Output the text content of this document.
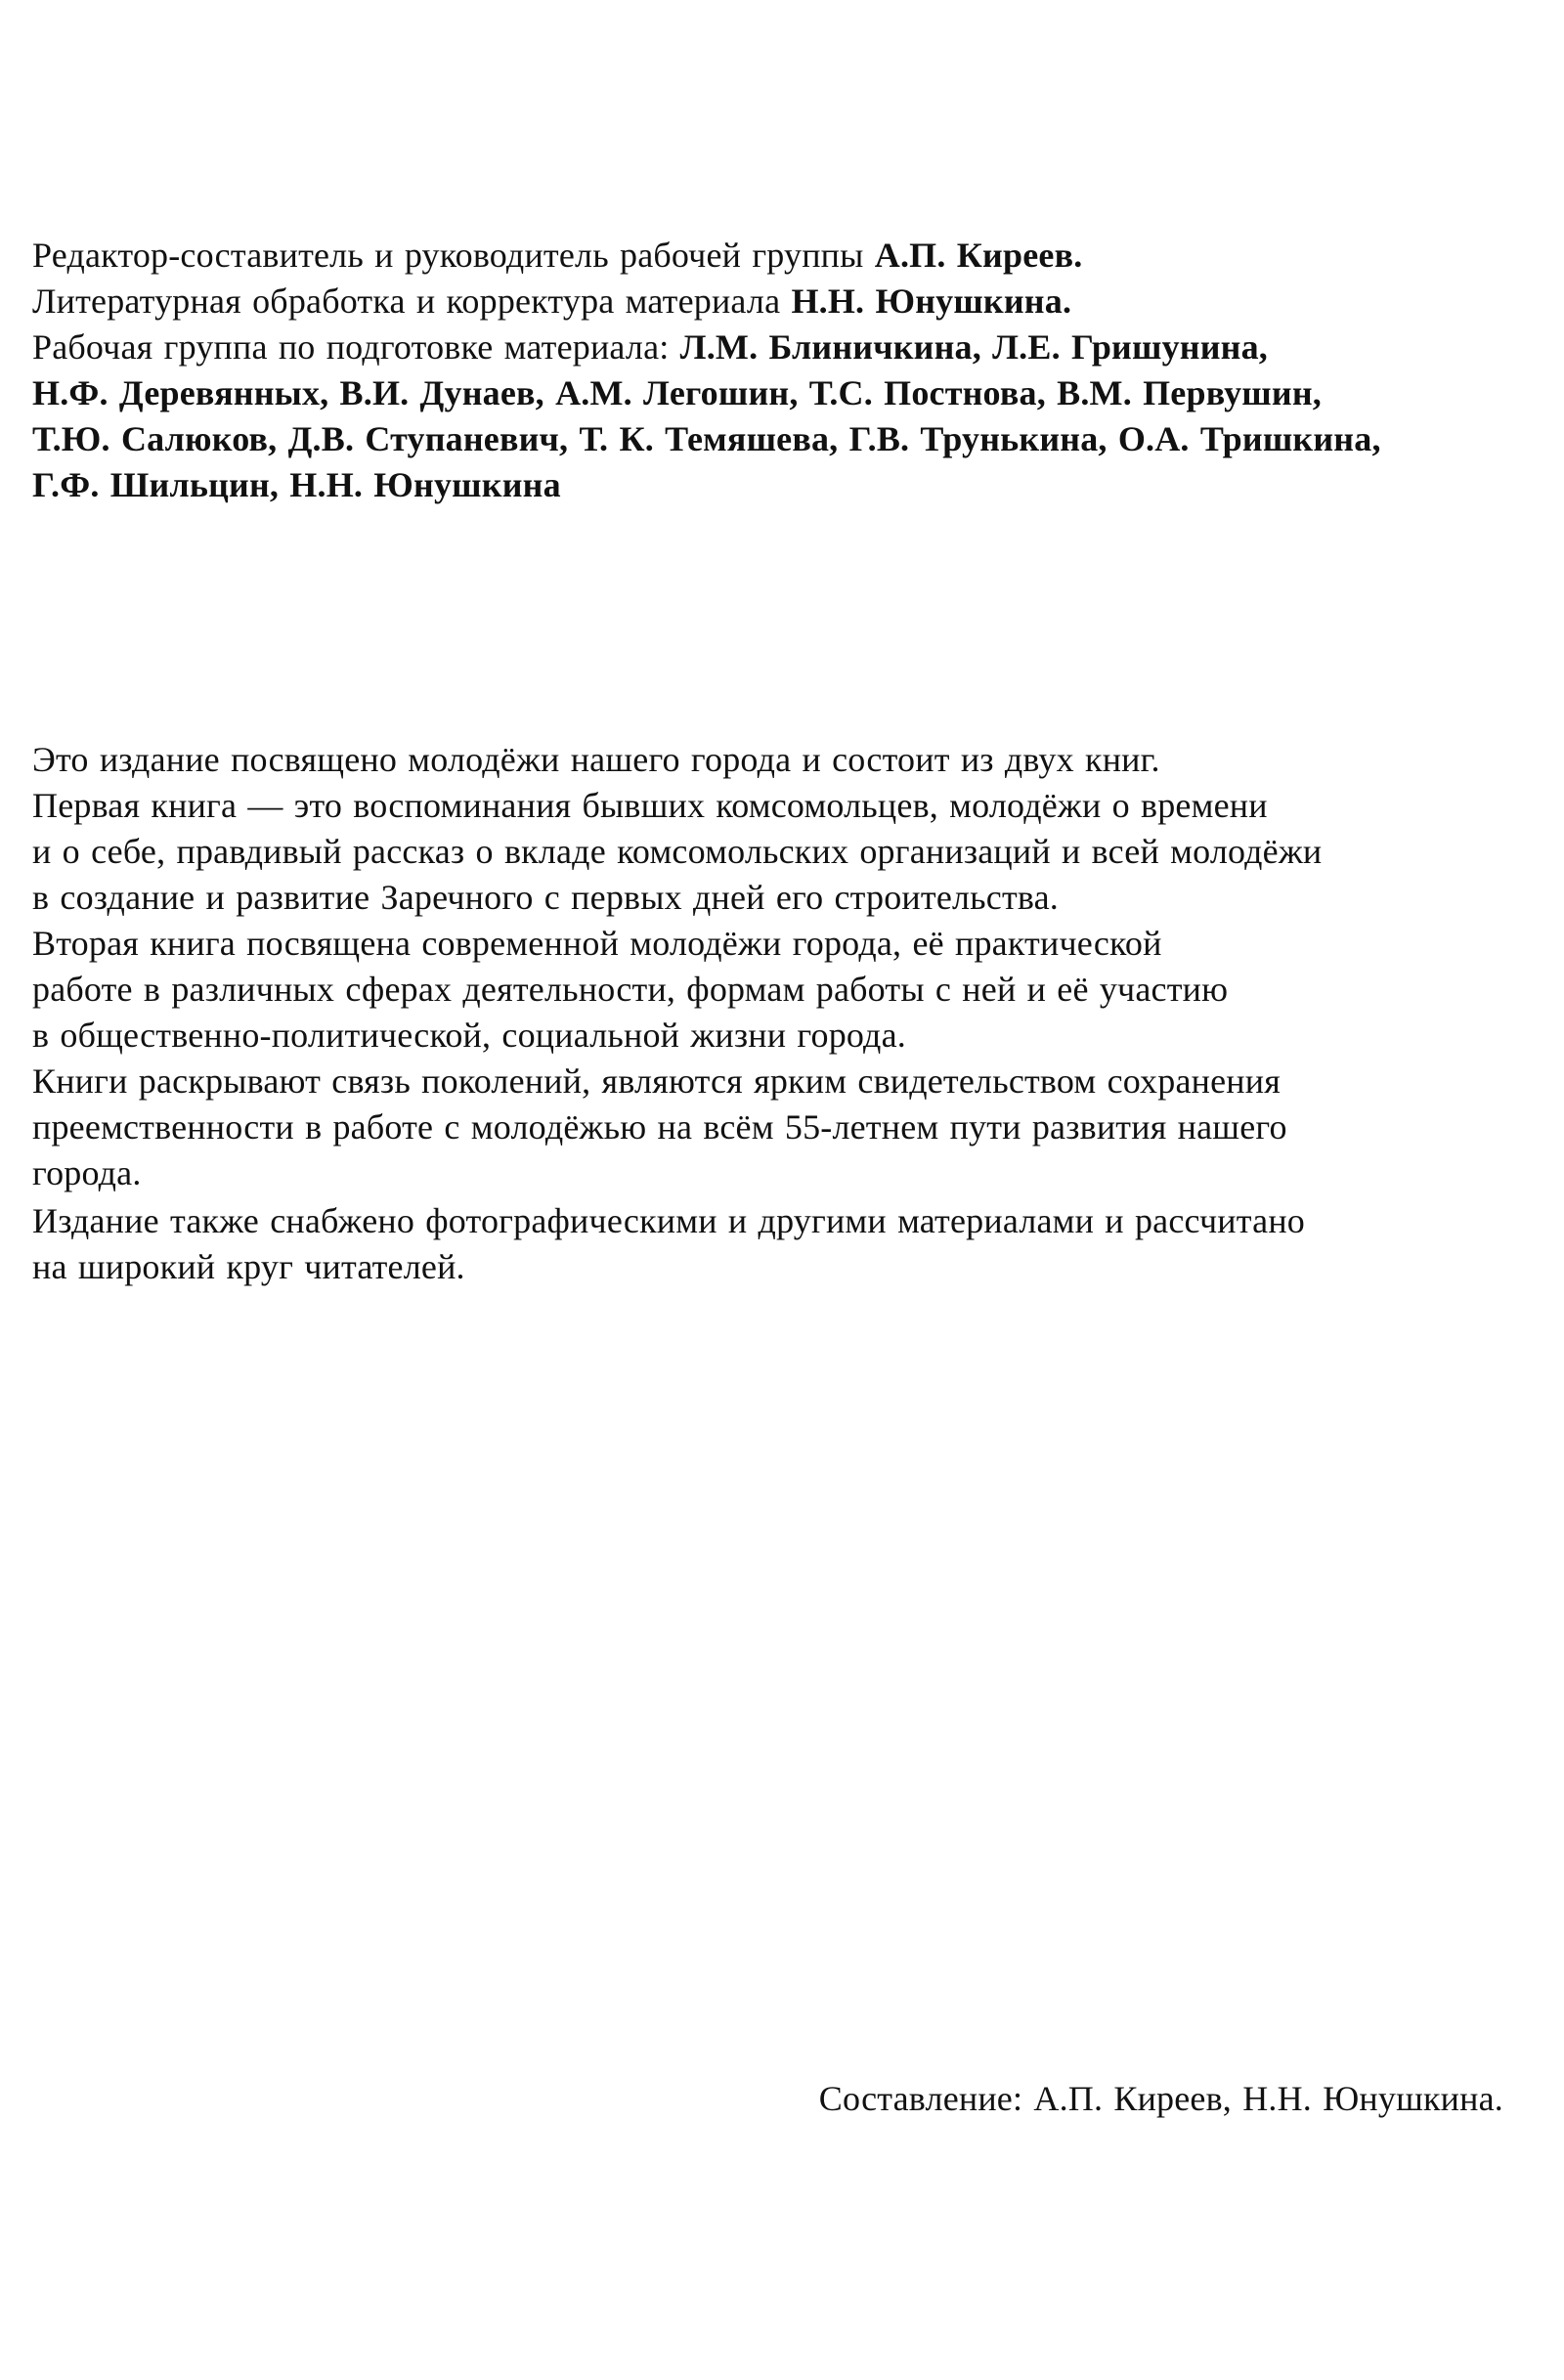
Редактор-составитель и руководитель рабочей группы А.П. Киреев.
Литературная обработка и корректура материала Н.Н. Юнушкина.
Рабочая группа по подготовке материала: Л.М. Блиничкина, Л.Е. Гришунина,
Н.Ф. Деревянных, В.И. Дунаев, А.М. Легошин, Т.С. Постнова, В.М. Первушин,
Т.Ю. Салюков, Д.В. Ступаневич, Т. К. Темяшева, Г.В. Трунькина, О.А. Тришкина,
Г.Ф. Шильцин, Н.Н. Юнушкина
Это издание посвящено молодёжи нашего города и состоит из двух книг.
Первая книга — это воспоминания бывших комсомольцев, молодёжи о времени
и о себе, правдивый рассказ о вкладе комсомольских организаций и всей молодёжи
в создание и развитие Заречного с первых дней его строительства.
Вторая книга посвящена современной молодёжи города, её практической
работе в различных сферах деятельности, формам работы с ней и её участию
в общественно-политической, социальной жизни города.
Книги раскрывают связь поколений, являются ярким свидетельством сохранения
преемственности в работе с молодёжью на всём 55-летнем пути развития нашего
города.
Издание также снабжено фотографическими и другими материалами и рассчитано
на широкий круг читателей.
Составление: А.П. Киреев, Н.Н. Юнушкина.
